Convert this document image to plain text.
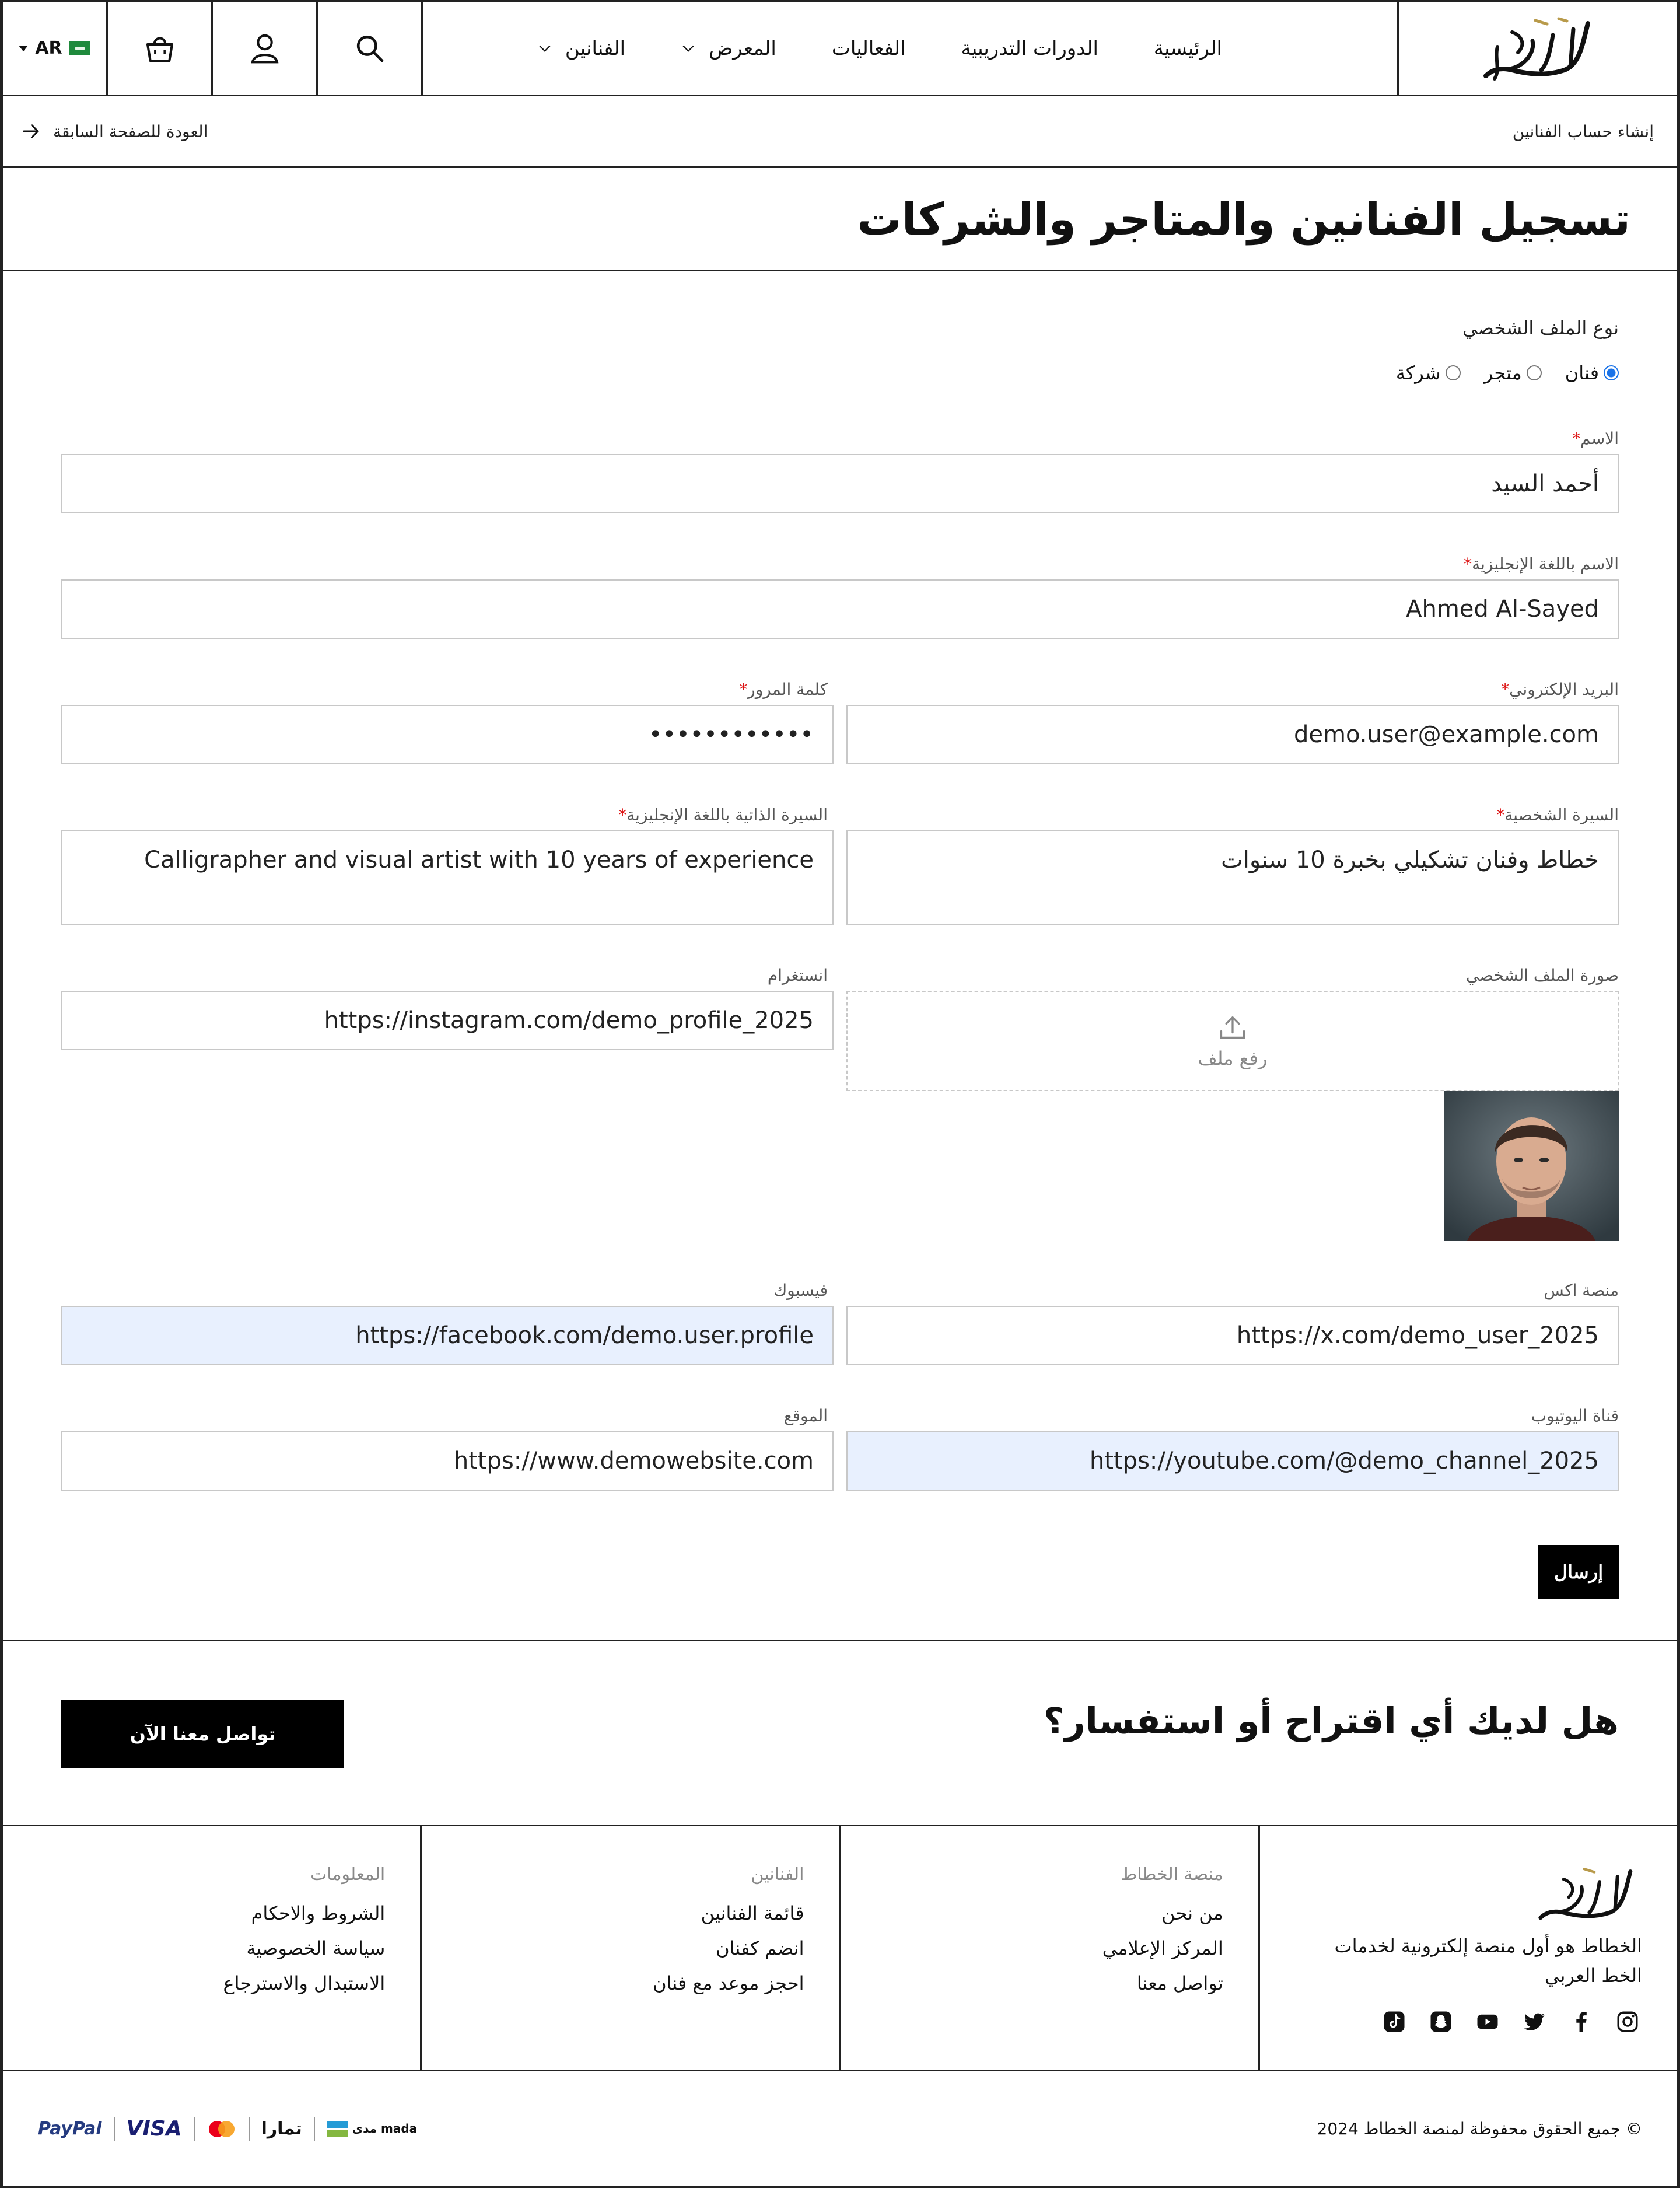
الرئيسية
الدورات التدريبية
الفعاليات
المعرض
الفنانين
AR
إنشاء حساب الفنانين
العودة للصفحة السابقة
تسجيل الفنانين والمتاجر والشركات
نوع الملف الشخصي
فنان
متجر
شركة
الاسم*
أحمد السيد
الاسم باللغة الإنجليزية*
Ahmed Al-Sayed
البريد الإلكتروني*
demo.user@example.com
كلمة المرور*
••••••••••••
السيرة الشخصية*
خطاط وفنان تشكيلي بخبرة 10 سنوات
السيرة الذاتية باللغة الإنجليزية*
Calligrapher and visual artist with 10 years of experience
صورة الملف الشخصي
رفع ملف
انستغرام
https://instagram.com/demo_profile_2025
منصة اكس
https://x.com/demo_user_2025
فيسبوك
https://facebook.com/demo.user.profile
قناة اليوتيوب
https://youtube.com/@demo_channel_2025
الموقع
https://www.demowebsite.com
إرسال
هل لديك أي اقتراح أو استفسار؟
تواصل معنا الآن

الخطاط هو أول منصة إلكترونية لخدمات الخط العربي

منصة الخطاط
من نحن
المركز الإعلامي
تواصل معنا
الفنانين
قائمة الفنانين
انضم كفنان
احجز موعد مع فنان
المعلومات
الشروط والاحكام
سياسة الخصوصية
الاستبدال والاسترجاع
© جميع الحقوق محفوظة لمنصة الخطاط 2024
PayPal VISA	تمارا	مدى mada
